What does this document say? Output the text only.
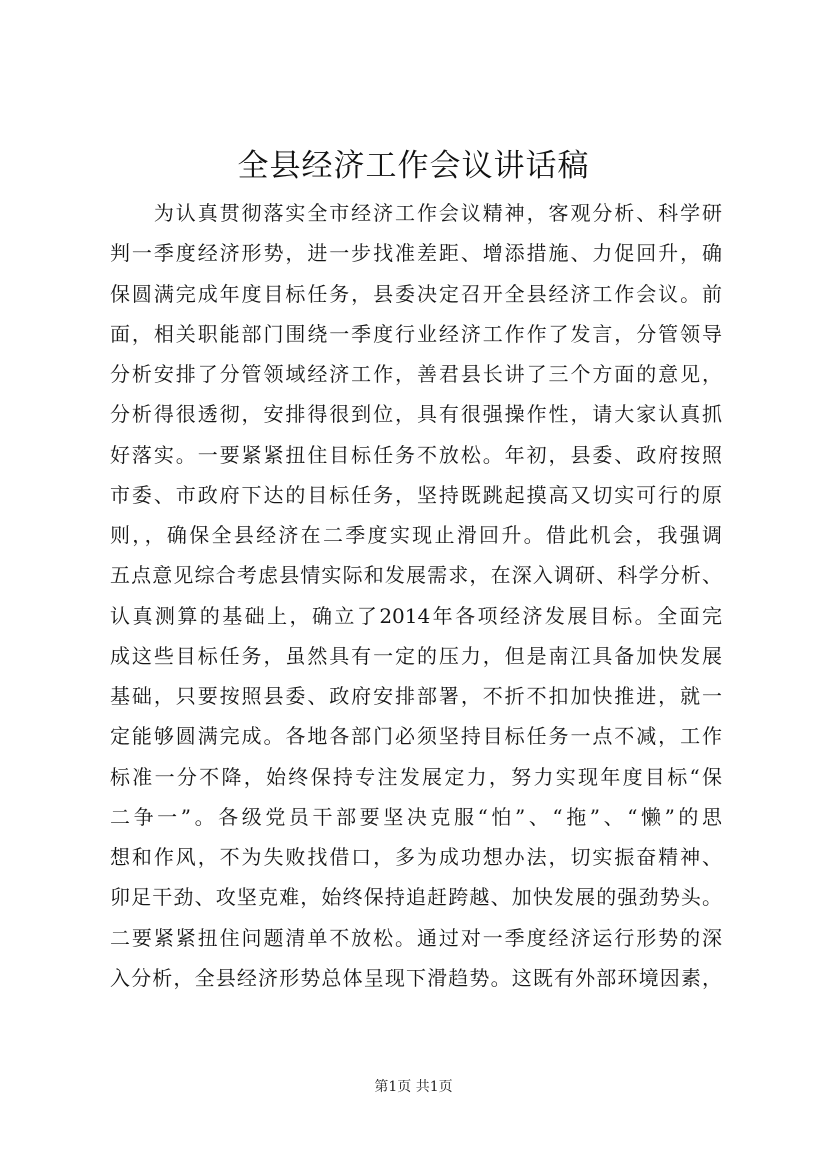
全县经济工作会议讲话稿
　　为认真贯彻落实全市经济工作会议精神，客观分析、科学研
判一季度经济形势，进一步找准差距、增添措施、力促回升，确
保圆满完成年度目标任务，县委决定召开全县经济工作会议。前
面，相关职能部门围绕一季度行业经济工作作了发言，分管领导
分析安排了分管领域经济工作，善君县长讲了三个方面的意见，
分析得很透彻，安排得很到位，具有很强操作性，请大家认真抓
好落实。一要紧紧扭住目标任务不放松。年初，县委、政府按照
市委、市政府下达的目标任务，坚持既跳起摸高又切实可行的原
则，，确保全县经济在二季度实现止滑回升。借此机会，我强调
五点意见综合考虑县情实际和发展需求，在深入调研、科学分析、
认真测算的基础上，确立了2014年各项经济发展目标。全面完
成这些目标任务，虽然具有一定的压力，但是南江具备加快发展
基础，只要按照县委、政府安排部署，不折不扣加快推进，就一
定能够圆满完成。各地各部门必须坚持目标任务一点不减，工作
标准一分不降，始终保持专注发展定力，努力实现年度目标“保
二争一”。各级党员干部要坚决克服“怕”、“拖”、“懒”的思
想和作风，不为失败找借口，多为成功想办法，切实振奋精神、
卯足干劲、攻坚克难，始终保持追赶跨越、加快发展的强劲势头。
二要紧紧扭住问题清单不放松。通过对一季度经济运行形势的深
入分析，全县经济形势总体呈现下滑趋势。这既有外部环境因素，
第1页 共1页
